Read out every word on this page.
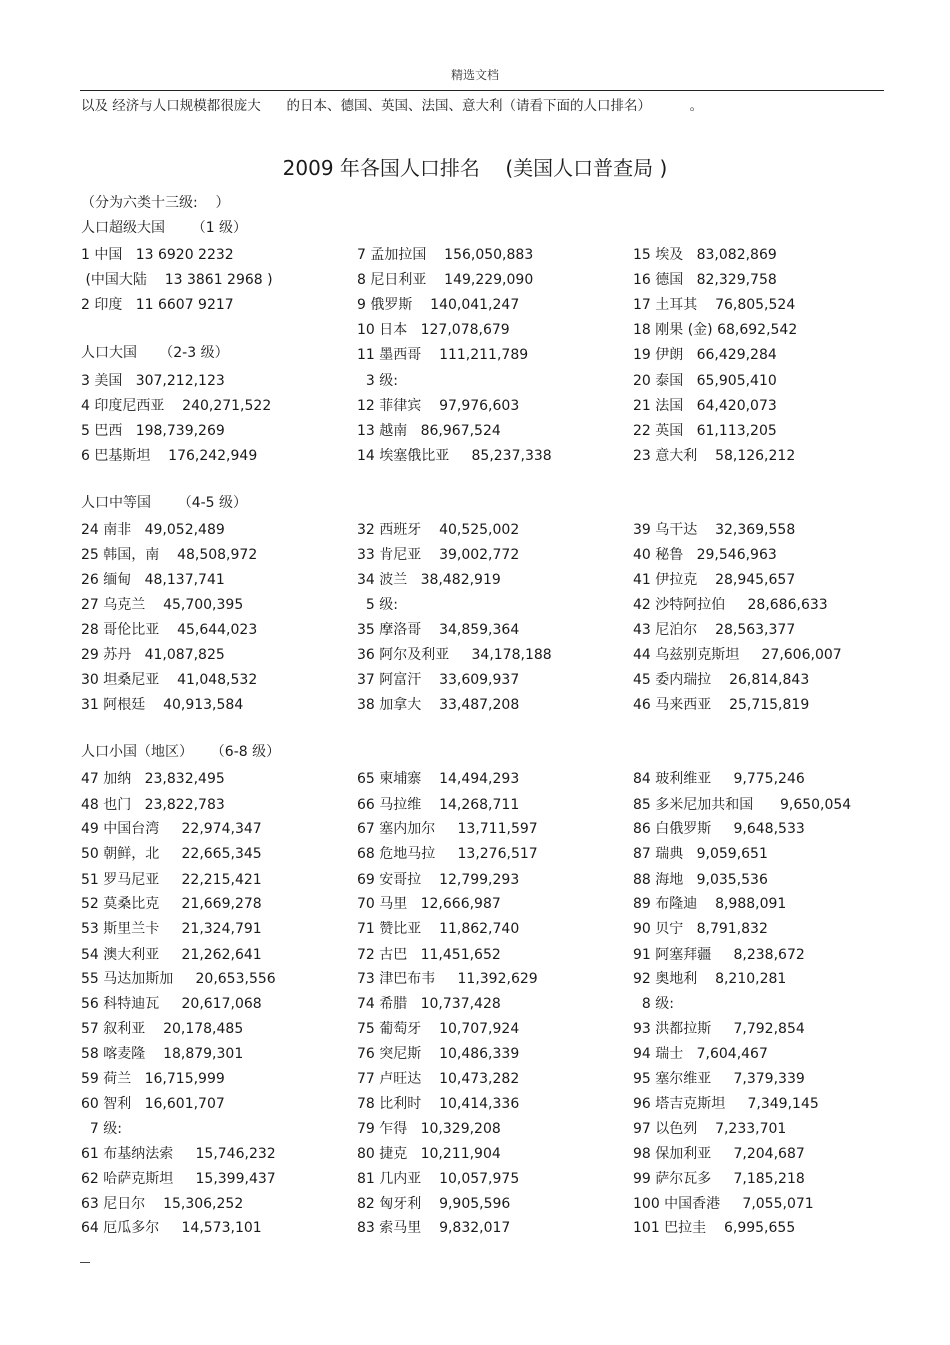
精选文档
以及 经济与人口规模都很庞大      的日本、德国、英国、法国、意大利（请看下面的人口排名）         。
2009 年各国人口排名    (美国人口普查局 )
（分为六类十三级:    ）
人口超级大国      （1 级）
1 中国   13 6920 2232
(中国大陆    13 3861 2968 )
2 印度   11 6607 9217
人口大国     （2-3 级）
3 美国   307,212,123
4 印度尼西亚    240,271,522
5 巴西   198,739,269
6 巴基斯坦    176,242,949
7 孟加拉国    156,050,883
8 尼日利亚    149,229,090
9 俄罗斯    140,041,247
10 日本   127,078,679
11 墨西哥    111,211,789
3 级:
12 菲律宾    97,976,603
13 越南   86,967,524
14 埃塞俄比亚     85,237,338
15 埃及   83,082,869
16 德国   82,329,758
17 土耳其    76,805,524
18 刚果 (金) 68,692,542
19 伊朗   66,429,284
20 泰国   65,905,410
21 法国   64,420,073
22 英国   61,113,205
23 意大利    58,126,212
人口中等国      （4-5 级）
24 南非   49,052,489
25 韩国，南    48,508,972
26 缅甸   48,137,741
27 乌克兰    45,700,395
28 哥伦比亚    45,644,023
29 苏丹   41,087,825
30 坦桑尼亚    41,048,532
31 阿根廷    40,913,584
32 西班牙    40,525,002
33 肯尼亚    39,002,772
34 波兰   38,482,919
5 级:
35 摩洛哥    34,859,364
36 阿尔及利亚     34,178,188
37 阿富汗    33,609,937
38 加拿大    33,487,208
39 乌干达    32,369,558
40 秘鲁   29,546,963
41 伊拉克    28,945,657
42 沙特阿拉伯     28,686,633
43 尼泊尔    28,563,377
44 乌兹别克斯坦     27,606,007
45 委内瑞拉    26,814,843
46 马来西亚    25,715,819
人口小国（地区）    （6-8 级）
47 加纳   23,832,495
48 也门   23,822,783
49 中国台湾     22,974,347
50 朝鲜，北     22,665,345
51 罗马尼亚     22,215,421
52 莫桑比克     21,669,278
53 斯里兰卡     21,324,791
54 澳大利亚     21,262,641
55 马达加斯加     20,653,556
56 科特迪瓦     20,617,068
57 叙利亚    20,178,485
58 喀麦隆    18,879,301
59 荷兰   16,715,999
60 智利   16,601,707
7 级:
61 布基纳法索     15,746,232
62 哈萨克斯坦     15,399,437
63 尼日尔    15,306,252
64 厄瓜多尔     14,573,101
65 柬埔寨    14,494,293
66 马拉维    14,268,711
67 塞内加尔     13,711,597
68 危地马拉     13,276,517
69 安哥拉    12,799,293
70 马里   12,666,987
71 赞比亚    11,862,740
72 古巴   11,451,652
73 津巴布韦     11,392,629
74 希腊   10,737,428
75 葡萄牙    10,707,924
76 突尼斯    10,486,339
77 卢旺达    10,473,282
78 比利时    10,414,336
79 乍得   10,329,208
80 捷克   10,211,904
81 几内亚    10,057,975
82 匈牙利    9,905,596
83 索马里    9,832,017
84 玻利维亚     9,775,246
85 多米尼加共和国      9,650,054
86 白俄罗斯     9,648,533
87 瑞典   9,059,651
88 海地   9,035,536
89 布隆迪    8,988,091
90 贝宁   8,791,832
91 阿塞拜疆     8,238,672
92 奥地利    8,210,281
8 级:
93 洪都拉斯     7,792,854
94 瑞士   7,604,467
95 塞尔维亚     7,379,339
96 塔吉克斯坦     7,349,145
97 以色列    7,233,701
98 保加利亚     7,204,687
99 萨尔瓦多     7,185,218
100 中国香港     7,055,071
101 巴拉圭    6,995,655
